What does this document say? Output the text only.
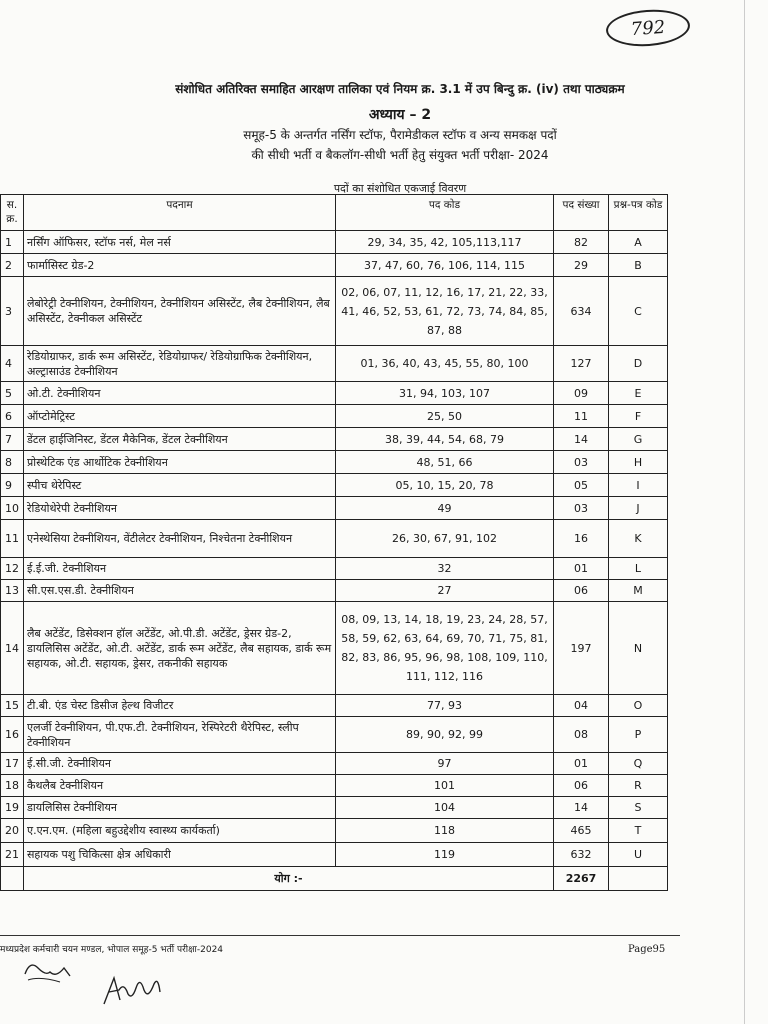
792
संशोधित अतिरिक्त समाहित आरक्षण तालिका एवं नियम क्र. 3.1 में उप बिन्दु क्र. (iv) तथा पाठ्यक्रम
अध्याय – 2
समूह-5 के अन्तर्गत नर्सिंग स्टॉफ, पैरामेडीकल स्टॉफ व अन्य समकक्ष पदों
की सीधी भर्ती व बैकलॉग-सीधी भर्ती हेतु संयुक्त भर्ती परीक्षा- 2024
पदों का संशोधित एकजाई विवरण
स. क्र.	पदनाम	पद कोड	पद संख्या	प्रश्न-पत्र कोड
1	नर्सिंग ऑफिसर, स्टॉफ नर्स, मेल नर्स	29, 34, 35, 42, 105,113,117	82	A
2	फार्मासिस्ट ग्रेड-2	37, 47, 60, 76, 106, 114, 115	29	B
3	लेबोरेट्री टेक्नीशियन, टेक्नीशियन, टेक्नीशियन असिस्टेंट, लैब टेक्नीशियन, लैब असिस्टेंट, टेक्नीकल असिस्टेंट	02, 06, 07, 11, 12, 16, 17, 21, 22, 33, 41, 46, 52, 53, 61, 72, 73, 74, 84, 85, 87, 88	634	C
4	रेडियोग्राफर, डार्क रूम असिस्टेंट, रेडियोग्राफर/ रेडियोग्राफिक टेक्नीशियन, अल्ट्रासाउंड टेक्नीशियन	01, 36, 40, 43, 45, 55, 80, 100	127	D
5	ओ.टी. टेक्नीशियन	31, 94, 103, 107	09	E
6	ऑप्टोमेट्रिस्ट	25, 50	11	F
7	डेंटल हाईजिनिस्ट, डेंटल मैकेनिक, डेंटल टेक्नीशियन	38, 39, 44, 54, 68, 79	14	G
8	प्रोस्थेटिक एंड आर्थोटिक टेक्नीशियन	48, 51, 66	03	H
9	स्पीच थेरेपिस्ट	05, 10, 15, 20, 78	05	I
10	रेडियोथेरेपी टेक्नीशियन	49	03	J
11	एनेस्थेसिया टेक्नीशियन, वेंटीलेटर टेक्नीशियन, निश्चेतना टेक्नीशियन	26, 30, 67, 91, 102	16	K
12	ई.ई.जी. टेक्नीशियन	32	01	L
13	सी.एस.एस.डी. टेक्नीशियन	27	06	M
14	लैब अटेंडेंट, डिसेक्शन हॉल अटेंडेंट, ओ.पी.डी. अटेंडेंट, ड्रेसर ग्रेड-2, डायलिसिस अटेंडेंट, ओ.टी. अटेंडेंट, डार्क रूम अटेंडेंट, लैब सहायक, डार्क रूम सहायक, ओ.टी. सहायक, ड्रेसर, तकनीकी सहायक	08, 09, 13, 14, 18, 19, 23, 24, 28, 57, 58, 59, 62, 63, 64, 69, 70, 71, 75, 81, 82, 83, 86, 95, 96, 98, 108, 109, 110, 111, 112, 116	197	N
15	टी.बी. एंड चेस्ट डिसीज हेल्थ विजीटर	77, 93	04	O
16	एलर्जी टेक्नीशियन, पी.एफ.टी. टेक्नीशियन, रेस्पिरेटरी थैरेपिस्ट, स्लीप टेक्नीशियन	89, 90, 92, 99	08	P
17	ई.सी.जी. टेक्नीशियन	97	01	Q
18	कैथलैब टेक्नीशियन	101	06	R
19	डायलिसिस टेक्नीशियन	104	14	S
20	ए.एन.एम. (महिला बहुउद्देशीय स्वास्थ्य कार्यकर्ता)	118	465	T
21	सहायक पशु चिकित्सा क्षेत्र अधिकारी	119	632	U
	योग :-		2267	
मध्यप्रदेश कर्मचारी चयन मण्डल, भोपाल समूह-5 भर्ती परीक्षा-2024	Page95
